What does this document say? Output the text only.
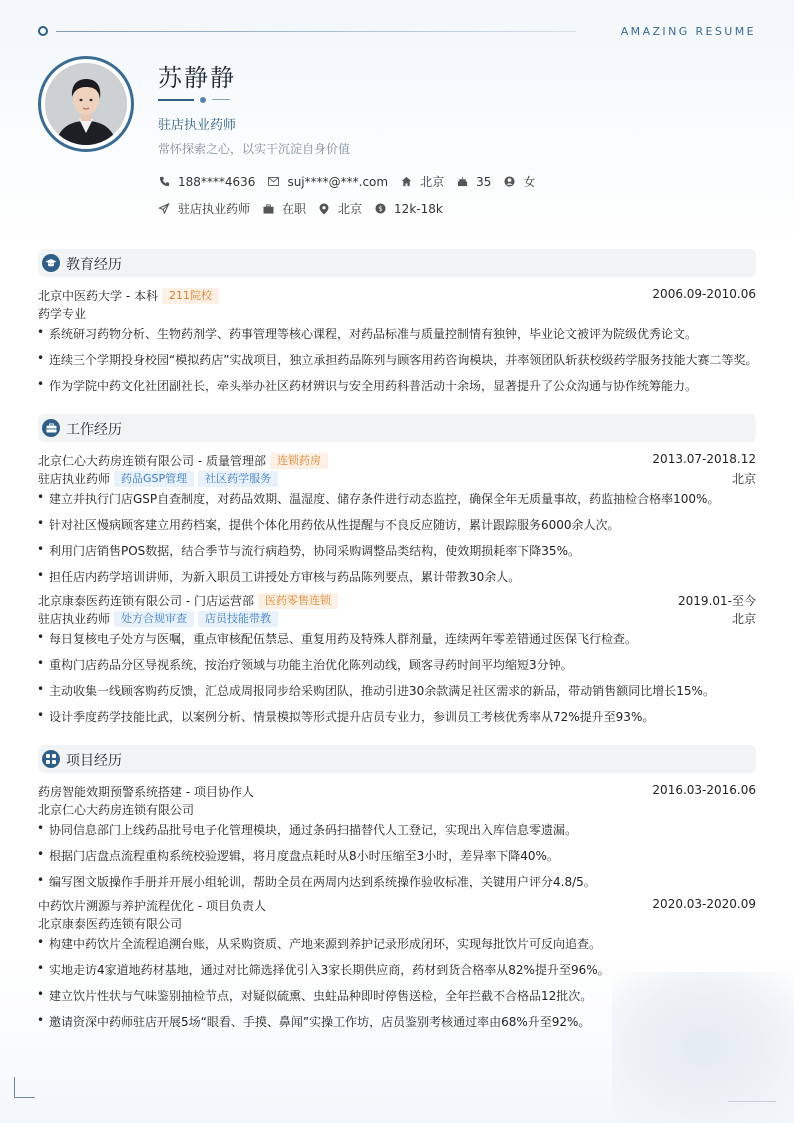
AMAZING RESUME
苏静静
驻店执业药师
常怀探索之心，以实干沉淀自身价值
188****4636	suj****@***.com	北京	35	女
驻店执业药师	在职	北京 $ 12k-18k
教育经历
北京中医药大学 - 本科 211院校	2006.09-2010.06
药学专业
系统研习药物分析、生物药剂学、药事管理等核心课程，对药品标准与质量控制情有独钟，毕业论文被评为院级优秀论文。
连续三个学期投身校园“模拟药店”实战项目，独立承担药品陈列与顾客用药咨询模块，并率领团队斩获校级药学服务技能大赛二等奖。
作为学院中药文化社团副社长，牵头举办社区药材辨识与安全用药科普活动十余场，显著提升了公众沟通与协作统筹能力。
工作经历
北京仁心大药房连锁有限公司 - 质量管理部 连锁药房	2013.07-2018.12
驻店执业药师 药品GSP管理 社区药学服务	北京
建立并执行门店GSP自查制度，对药品效期、温湿度、储存条件进行动态监控，确保全年无质量事故，药监抽检合格率100%。
针对社区慢病顾客建立用药档案，提供个体化用药依从性提醒与不良反应随访，累计跟踪服务6000余人次。
利用门店销售POS数据，结合季节与流行病趋势，协同采购调整品类结构，使效期损耗率下降35%。
担任店内药学培训讲师，为新入职员工讲授处方审核与药品陈列要点，累计带教30余人。
北京康泰医药连锁有限公司 - 门店运营部 医药零售连锁	2019.01-至今
驻店执业药师 处方合规审查 店员技能带教	北京
每日复核电子处方与医嘱，重点审核配伍禁忌、重复用药及特殊人群剂量，连续两年零差错通过医保飞行检查。
重构门店药品分区导视系统，按治疗领域与功能主治优化陈列动线，顾客寻药时间平均缩短3分钟。
主动收集一线顾客购药反馈，汇总成周报同步给采购团队，推动引进30余款满足社区需求的新品，带动销售额同比增长15%。
设计季度药学技能比武，以案例分析、情景模拟等形式提升店员专业力，参训员工考核优秀率从72%提升至93%。
项目经历
药房智能效期预警系统搭建 - 项目协作人	2016.03-2016.06
北京仁心大药房连锁有限公司
协同信息部门上线药品批号电子化管理模块，通过条码扫描替代人工登记，实现出入库信息零遗漏。
根据门店盘点流程重构系统校验逻辑，将月度盘点耗时从8小时压缩至3小时，差异率下降40%。
编写图文版操作手册并开展小组轮训，帮助全员在两周内达到系统操作验收标准，关键用户评分4.8/5。
中药饮片溯源与养护流程优化 - 项目负责人	2020.03-2020.09
北京康泰医药连锁有限公司
构建中药饮片全流程追溯台账，从采购资质、产地来源到养护记录形成闭环，实现每批饮片可反向追查。
实地走访4家道地药材基地，通过对比筛选择优引入3家长期供应商，药材到货合格率从82%提升至96%。
建立饮片性状与气味鉴别抽检节点，对疑似硫熏、虫蛀品种即时停售送检，全年拦截不合格品12批次。
邀请资深中药师驻店开展5场“眼看、手摸、鼻闻”实操工作坊，店员鉴别考核通过率由68%升至92%。
